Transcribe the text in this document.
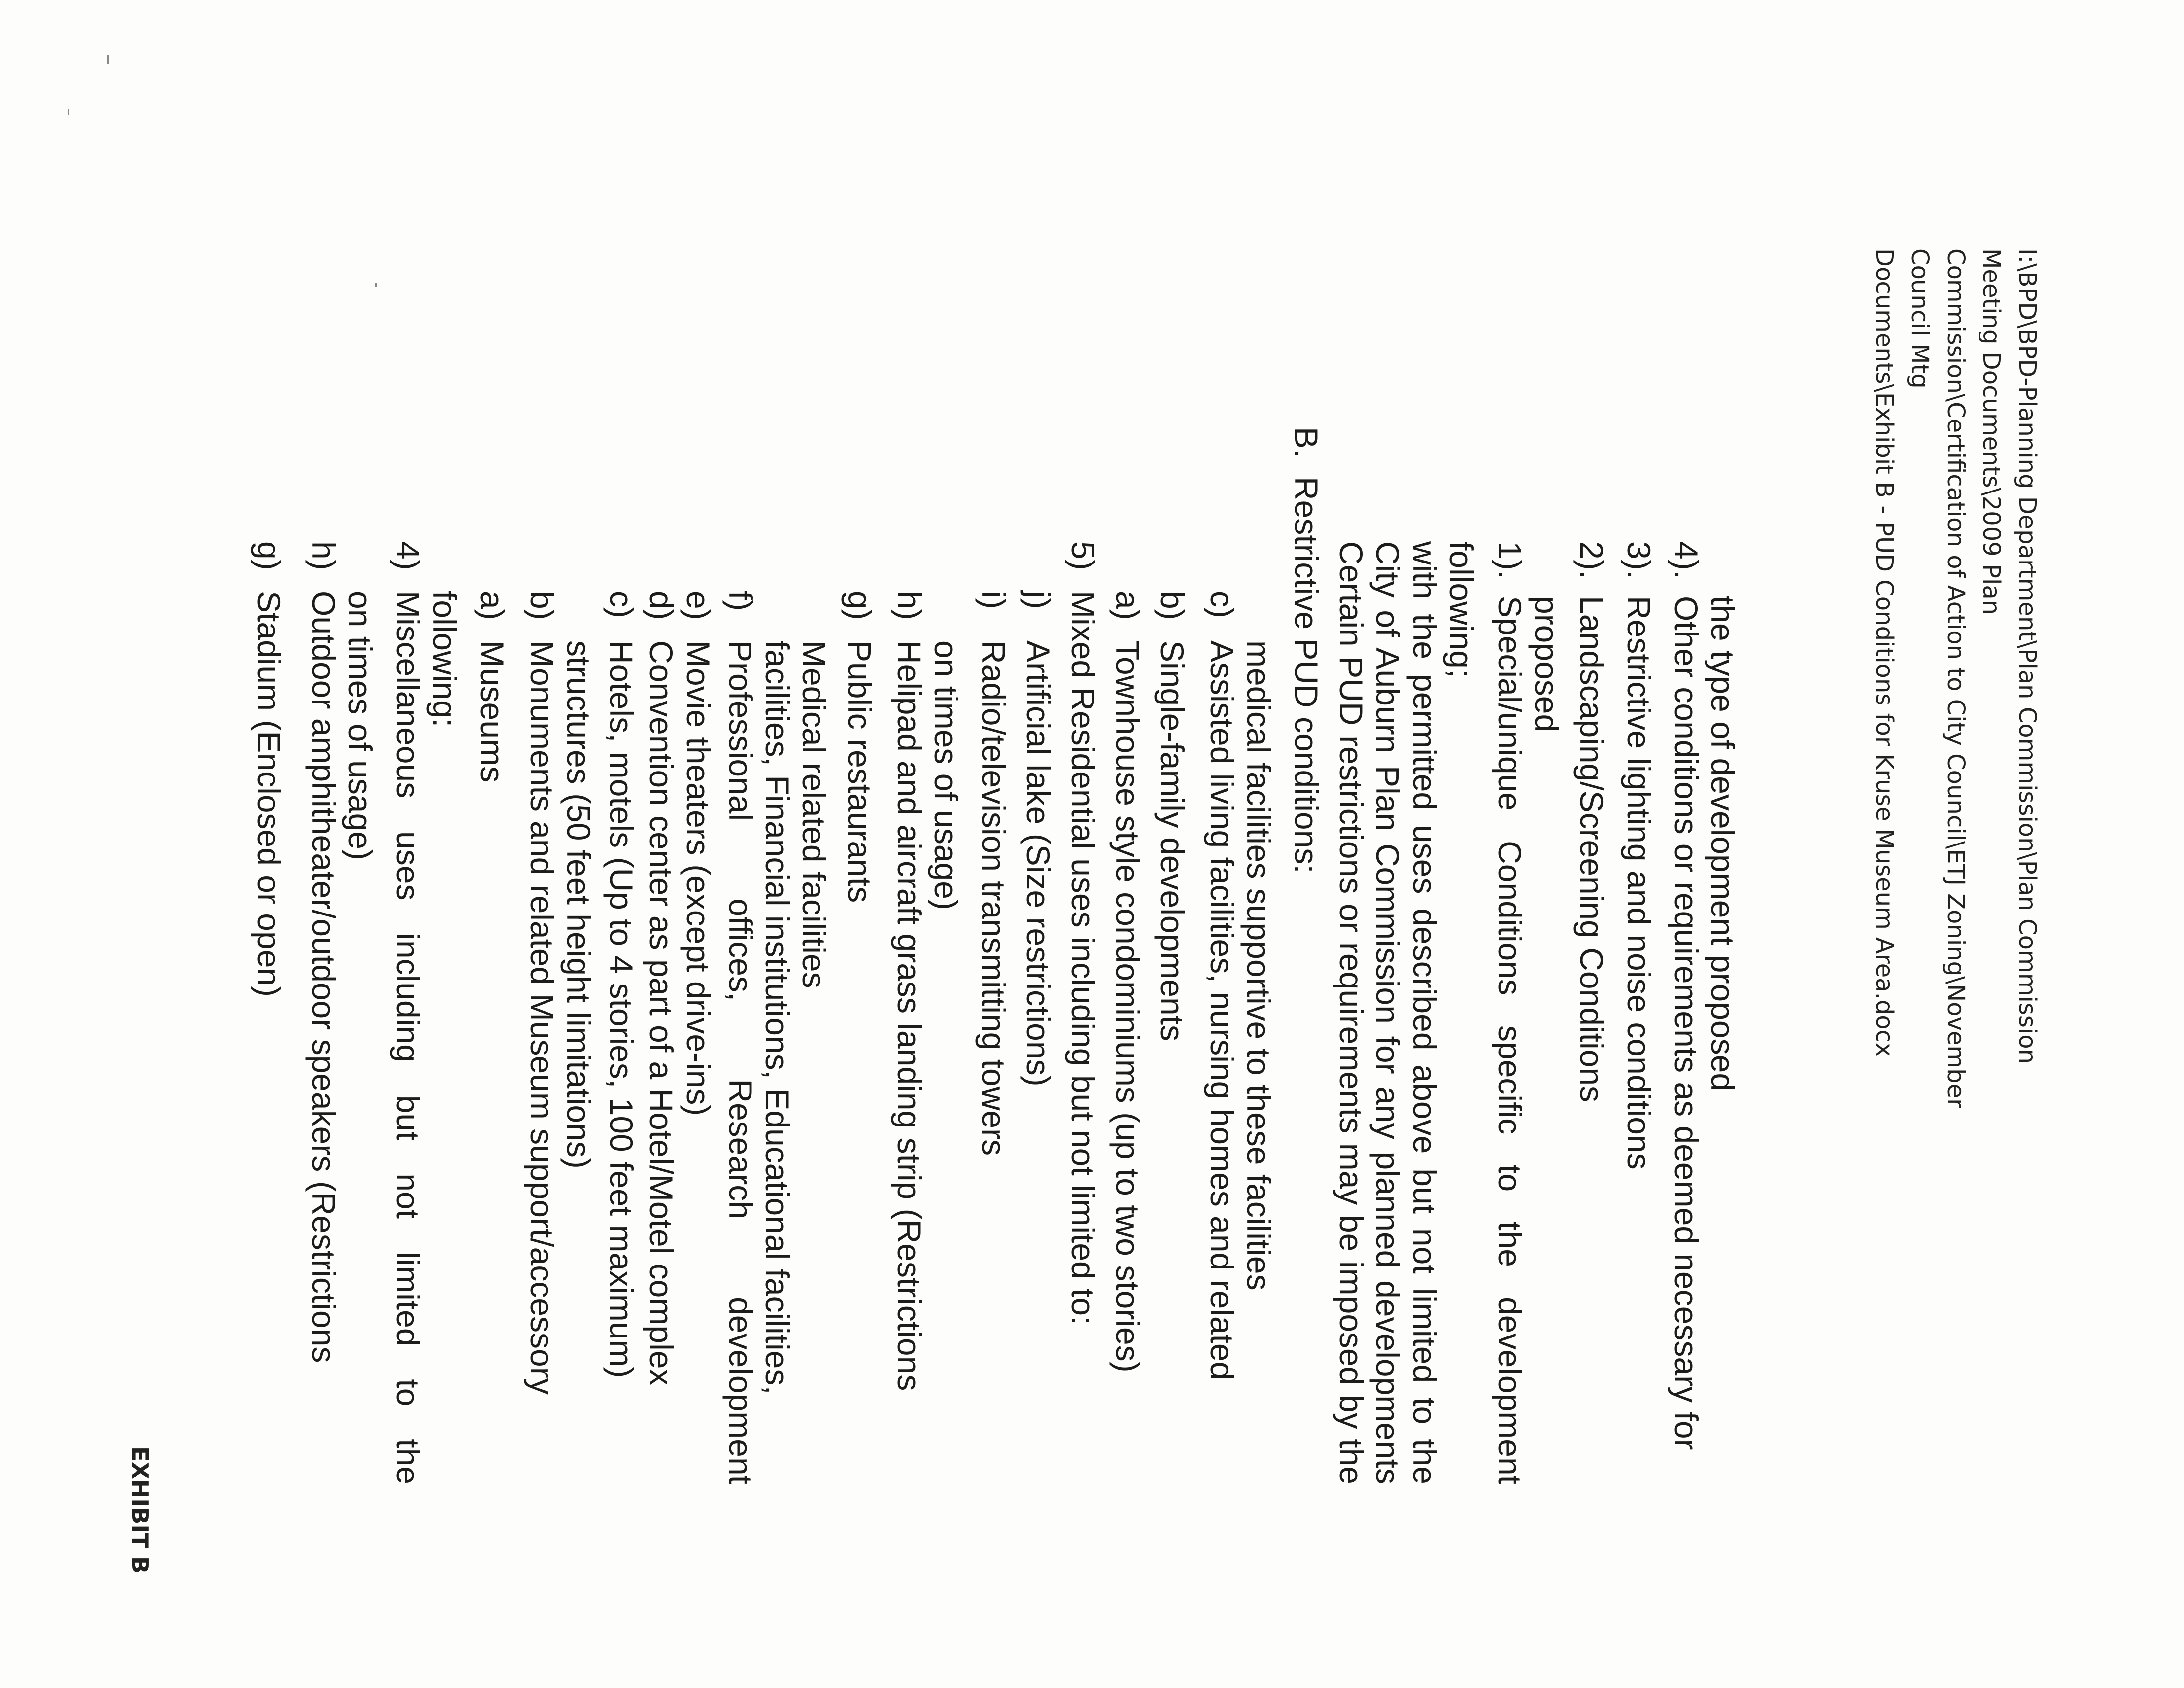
EXHIBIT B
g)
Stadium (Enclosed or open)
h)
Outdoor amphitheater/outdoor speakers (Restrictions on times of usage)
4)
Miscellaneous uses including but not limited to the following: a)
Museums
b)
Monuments and related Museum support/accessory structures (50 feet height limitations)
c)
Hotels, motels (Up to 4 stories, 100 feet maximum)
d)
Convention center as part of a Hotel/Motel complex
e)
Movie theaters (except drive-ins)
f)
Professional offices, Research development facilities, Financial institutions, Educational facilities, Medical related facilities
g)
Public restaurants
h)
Helipad and aircraft grass landing strip (Restrictions on times of usage)
i)
Radio/television transmitting towers
j)
Artificial lake (Size restrictions)
5)
Mixed Residential uses including but not limited to: a)
Townhouse style condominiums (up to two stories)
b)
Single-family developments
c)
Assisted living facilities, nursing homes and related medical facilities supportive to these facilities
B.
Restrictive PUD conditions: Certain PUD restrictions or requirements may be imposed by the City of Auburn Plan Commission for any planned developments with the permitted uses described above but not limited to the following; 1).
Special/unique Conditions specific to the development proposed
2).
Landscaping/Screening Conditions
3).
Restrictive lighting and noise conditions
4).
Other conditions or requirements as deemed necessary for the type of development proposed	I:\BPD\BPD-Planning Department\Plan Commission\Plan Commission Meeting Documents\2009 Plan
Commission\Certification of Action to City Council\ETJ Zoning\November Council Mtg
Documents\Exhibit B - PUD Conditions for Kruse Museum Area.docx
